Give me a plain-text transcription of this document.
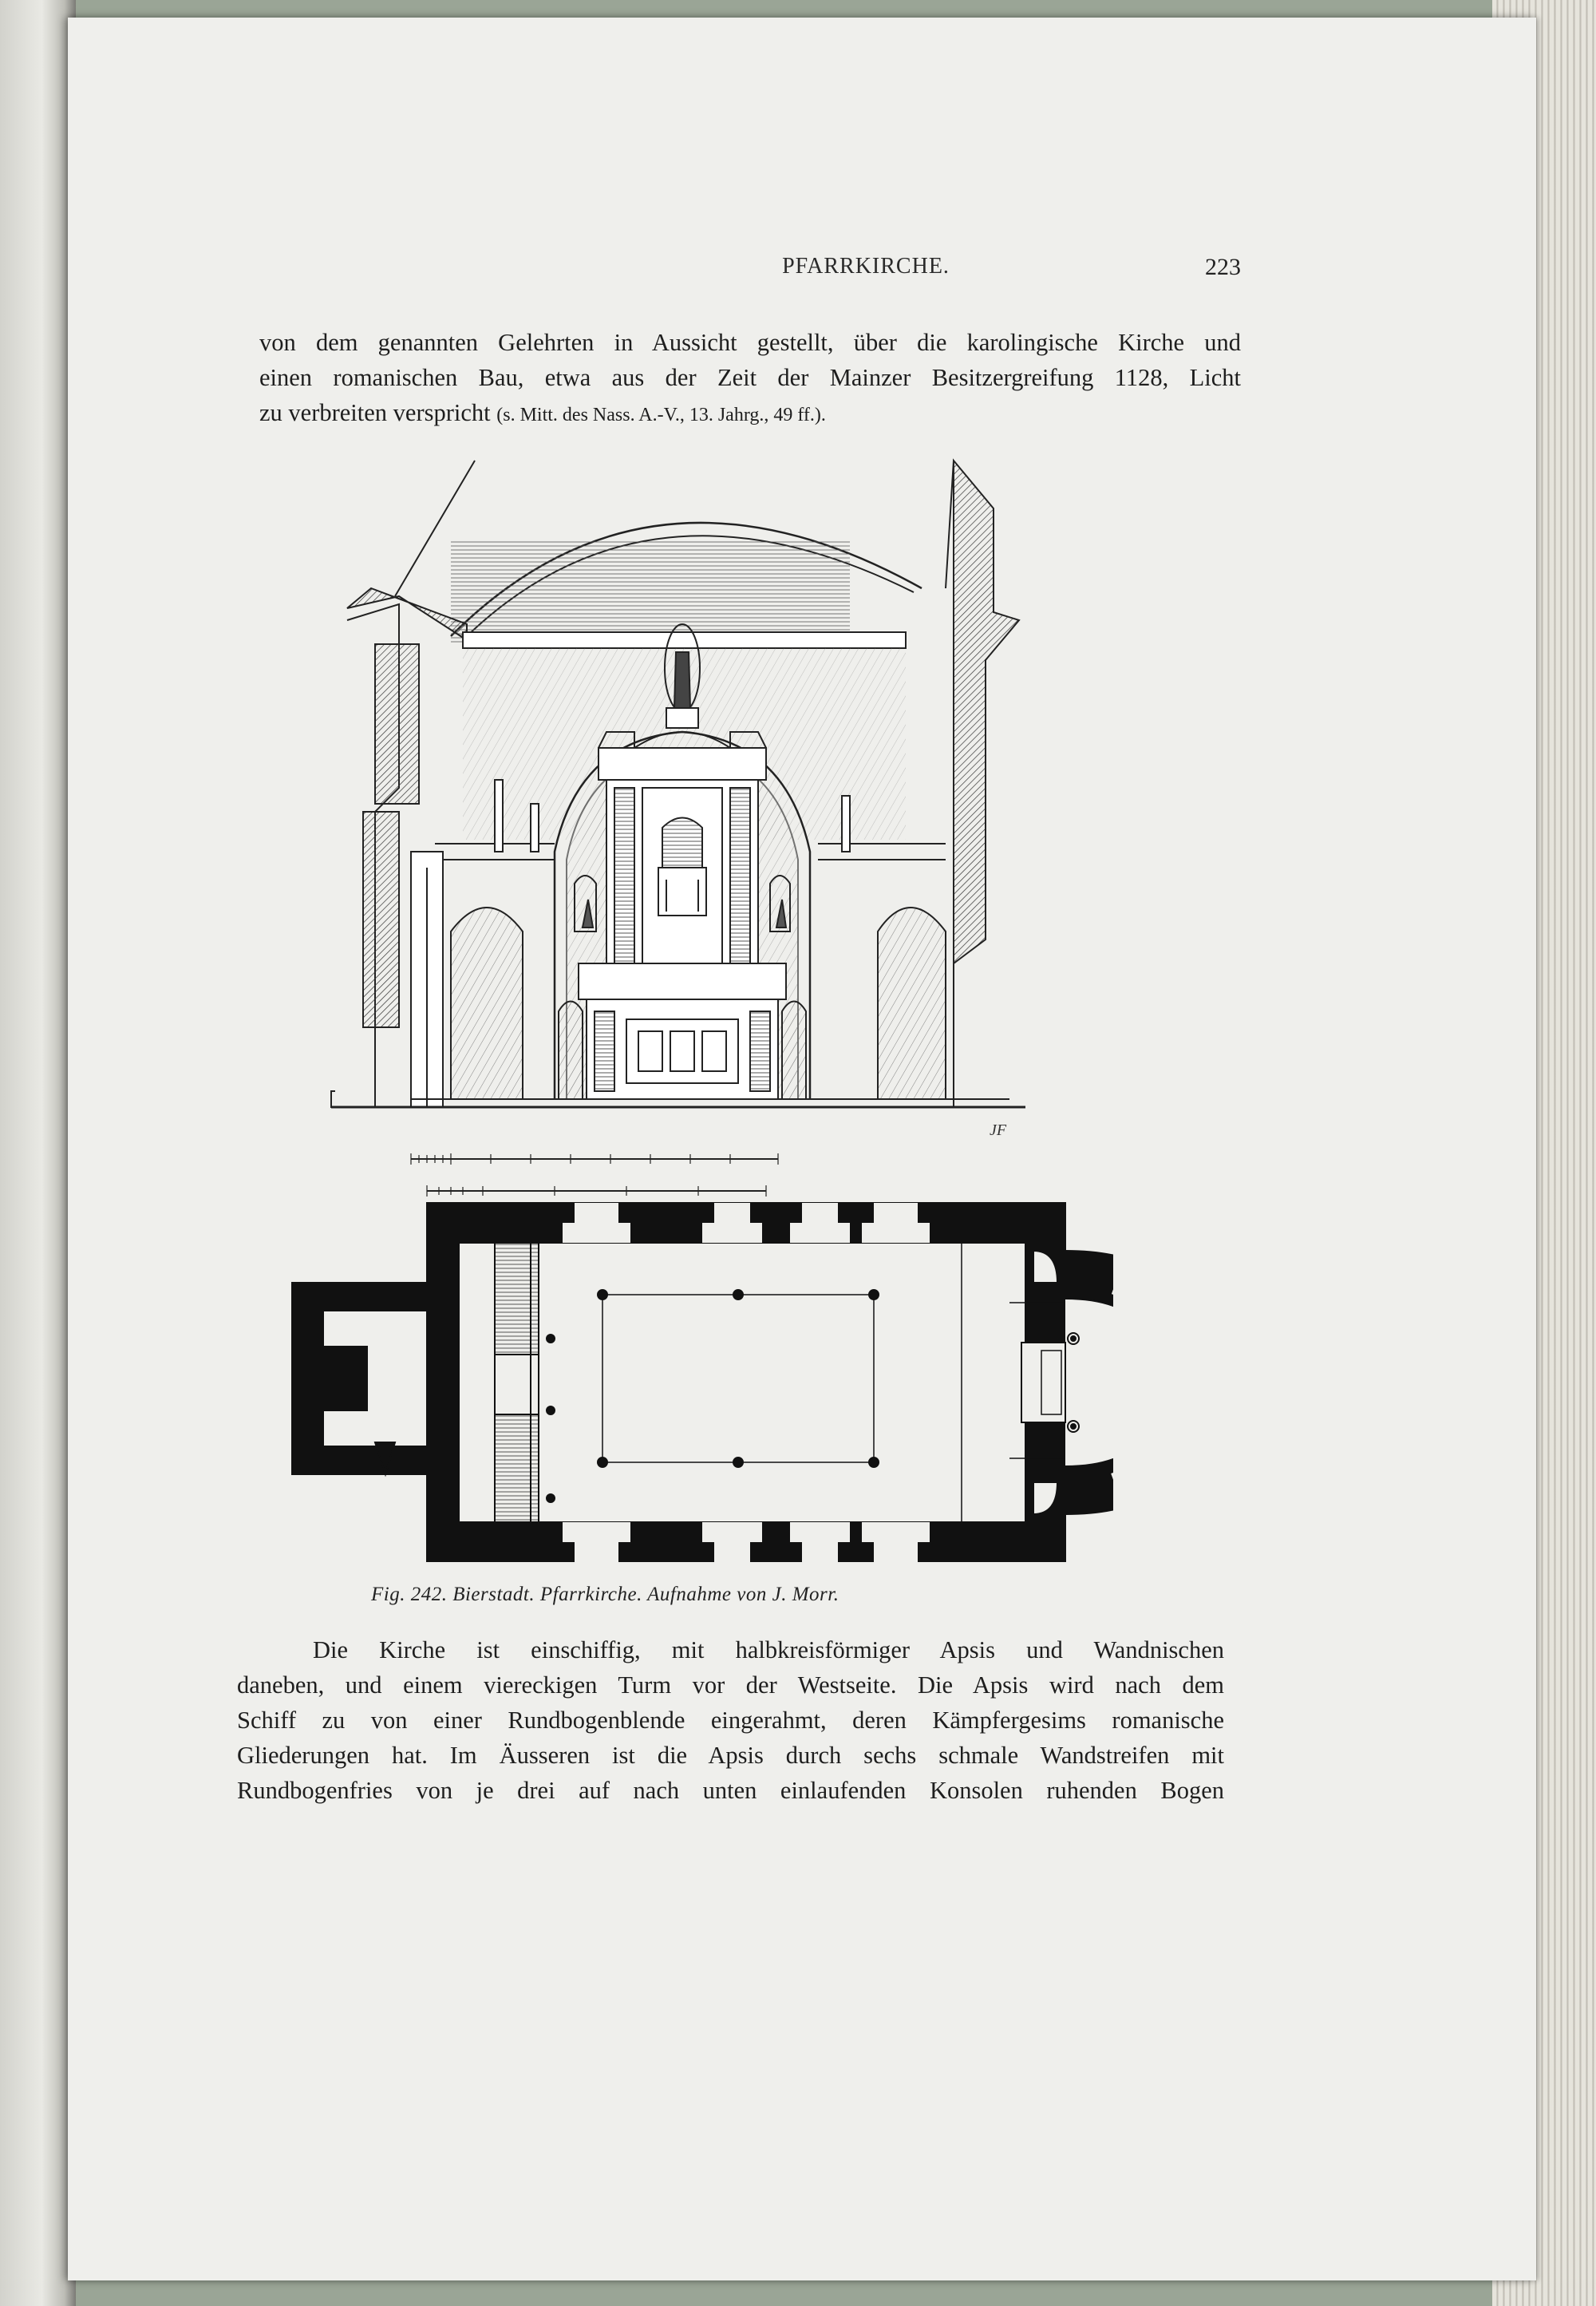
PFARRKIRCHE.	223
von dem genannten Gelehrten in Aussicht gestellt, über die karolingische Kirche und
einen romanischen Bau, etwa aus der Zeit der Mainzer Besitzergreifung 1128, Licht
zu verbreiten verspricht (s. Mitt. des Nass. A.-V., 13. Jahrg., 49 ff.).
JF
Fig. 242. Bierstadt. Pfarrkirche. Aufnahme von J. Morr.
Die Kirche ist einschiffig, mit halbkreisförmiger Apsis und Wandnischen
daneben, und einem viereckigen Turm vor der Westseite. Die Apsis wird nach dem
Schiff zu von einer Rundbogenblende eingerahmt, deren Kämpfergesims romanische
Gliederungen hat. Im Äusseren ist die Apsis durch sechs schmale Wandstreifen mit
Rundbogenfries von je drei auf nach unten einlaufenden Konsolen ruhenden Bogen
